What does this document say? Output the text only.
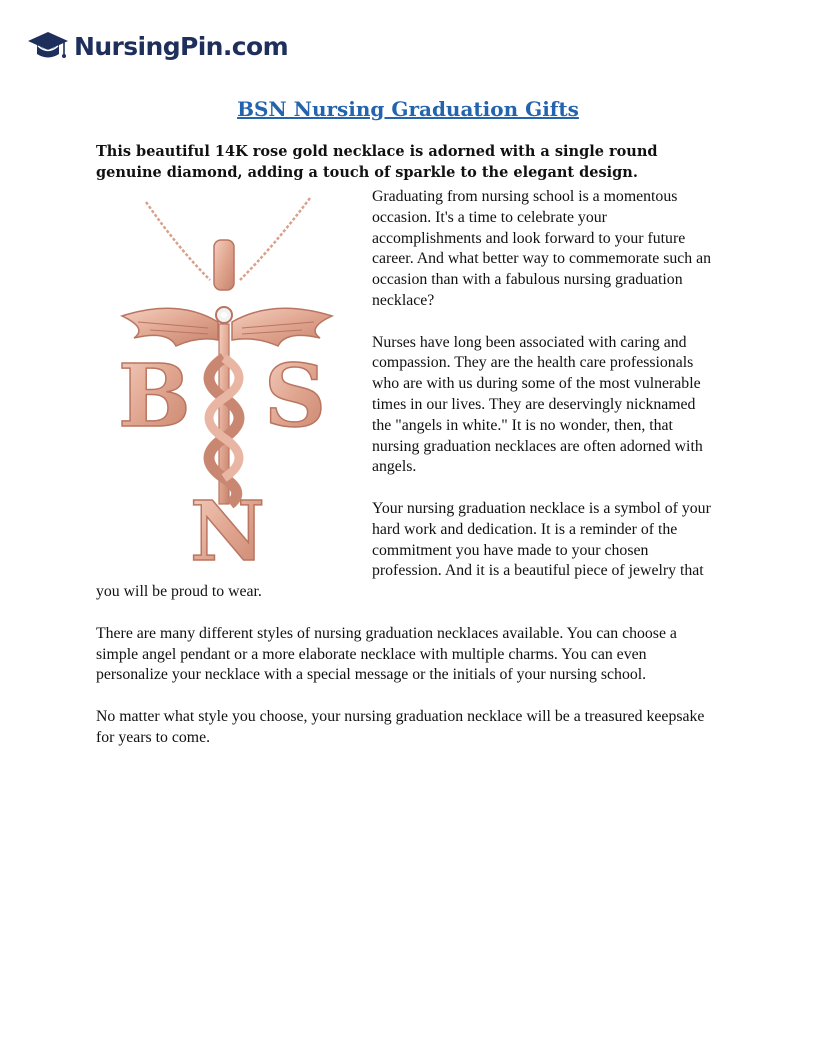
NursingPin.com
BSN Nursing Graduation Gifts

This beautiful 14K rose gold necklace is adorned with a single round genuine diamond, adding a touch of sparkle to the elegant design.

B S
N

Graduating from nursing school is a momentous occasion. It's a time to celebrate your accomplishments and look forward to your future career. And what better way to commemorate such an occasion than with a fabulous nursing graduation necklace?

Nurses have long been associated with caring and compassion. They are the health care professionals who are with us during some of the most vulnerable times in our lives. They are deservingly nicknamed the "angels in white." It is no wonder, then, that nursing graduation necklaces are often adorned with angels.

Your nursing graduation necklace is a symbol of your hard work and dedication. It is a reminder of the commitment you have made to your chosen profession. And it is a beautiful piece of jewelry that you will be proud to wear.

There are many different styles of nursing graduation necklaces available. You can choose a simple angel pendant or a more elaborate necklace with multiple charms. You can even personalize your necklace with a special message or the initials of your nursing school.

No matter what style you choose, your nursing graduation necklace will be a treasured keepsake for years to come.
